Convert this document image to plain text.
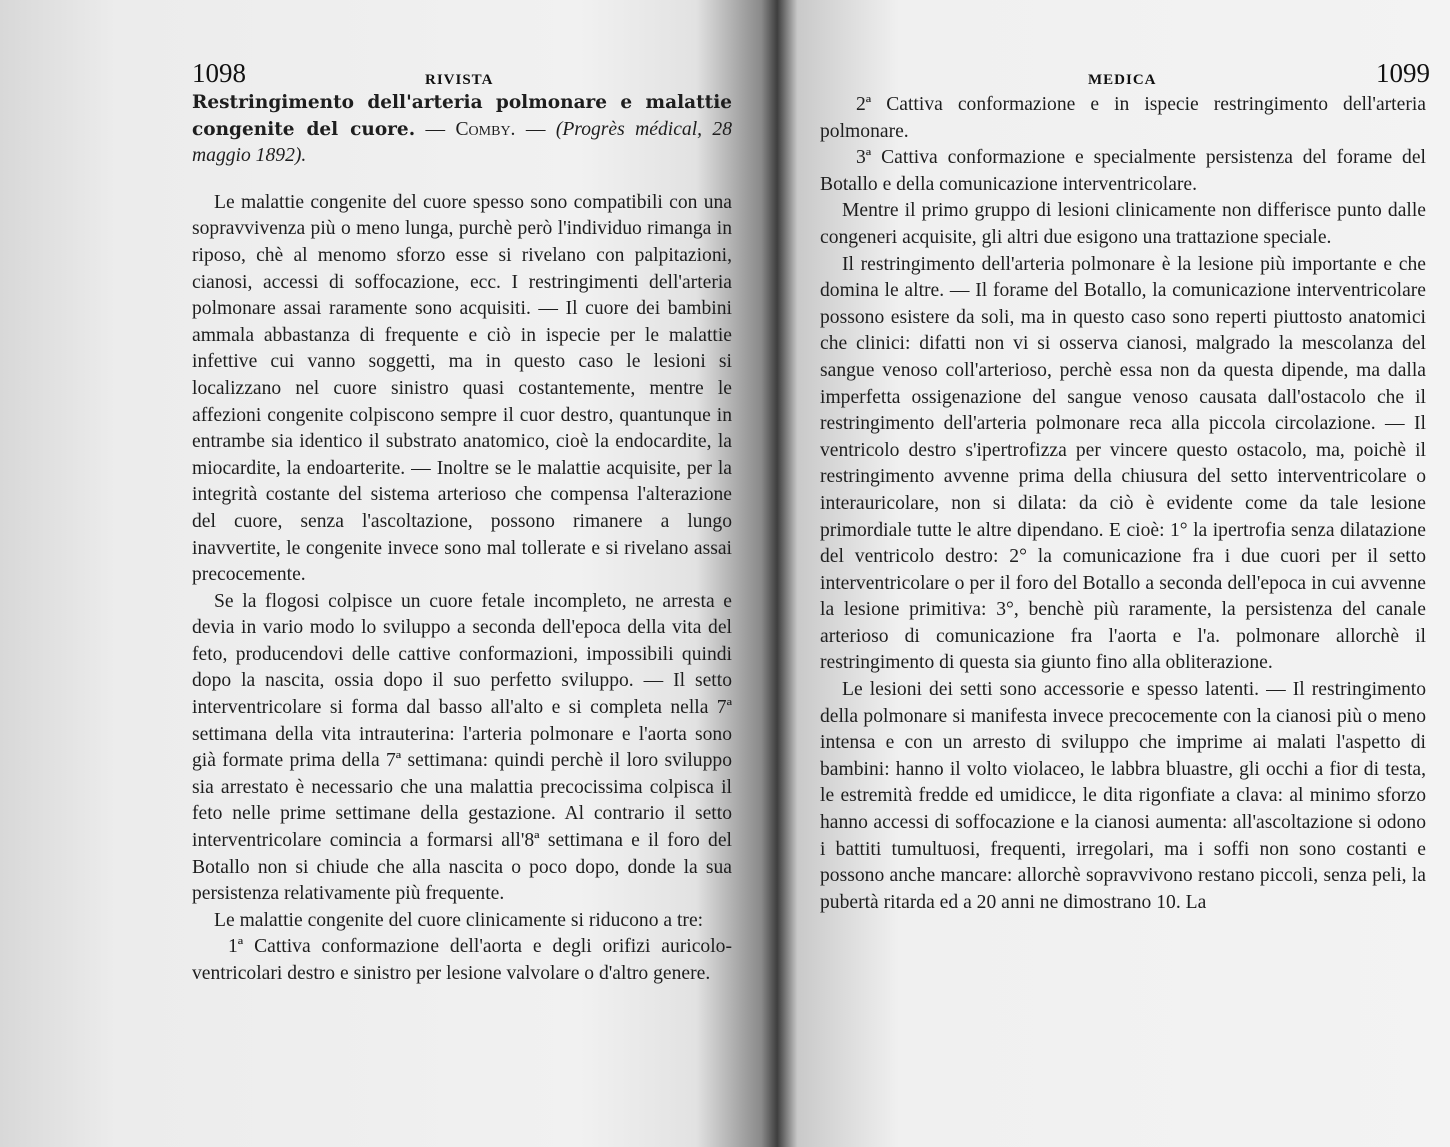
1098	RIVISTA
Restringimento dell'arteria polmonare e malattie congenite del cuore. — Comby. — (Progrès médical, 28 maggio 1892).

Le malattie congenite del cuore spesso sono compatibili con una sopravvivenza più o meno lunga, purchè però l'individuo rimanga in riposo, chè al menomo sforzo esse si rivelano con palpitazioni, cianosi, accessi di soffocazione, ecc. I restringimenti dell'arteria polmonare assai raramente sono acquisiti. — Il cuore dei bambini ammala abbastanza di frequente e ciò in ispecie per le malattie infettive cui vanno soggetti, ma in questo caso le lesioni si localizzano nel cuore sinistro quasi costantemente, mentre le affezioni congenite colpiscono sempre il cuor destro, quantunque in entrambe sia identico il substrato anatomico, cioè la endocardite, la miocardite, la endoarterite. — Inoltre se le malattie acquisite, per la integrità costante del sistema arterioso che compensa l'alterazione del cuore, senza l'ascoltazione, possono rimanere a lungo inavvertite, le congenite invece sono mal tollerate e si rivelano assai precocemente.

Se la flogosi colpisce un cuore fetale incompleto, ne arresta e devia in vario modo lo sviluppo a seconda dell'epoca della vita del feto, producendovi delle cattive conformazioni, impossibili quindi dopo la nascita, ossia dopo il suo perfetto sviluppo. — Il setto interventricolare si forma dal basso all'alto e si completa nella 7ª settimana della vita intrauterina: l'arteria polmonare e l'aorta sono già formate prima della 7ª settimana: quindi perchè il loro sviluppo sia arrestato è necessario che una malattia precocissima colpisca il feto nelle prime settimane della gestazione. Al contrario il setto interventricolare comincia a formarsi all'8ª settimana e il foro del Botallo non si chiude che alla nascita o poco dopo, donde la sua persistenza relativamente più frequente.

Le malattie congenite del cuore clinicamente si riducono a tre:

1ª Cattiva conformazione dell'aorta e degli orifizi auricolo-ventricolari destro e sinistro per lesione valvolare o d'altro genere.

MEDICA	1099

2ª Cattiva conformazione e in ispecie restringimento dell'arteria polmonare.

3ª Cattiva conformazione e specialmente persistenza del forame del Botallo e della comunicazione interventricolare.

Mentre il primo gruppo di lesioni clinicamente non differisce punto dalle congeneri acquisite, gli altri due esigono una trattazione speciale.

Il restringimento dell'arteria polmonare è la lesione più importante e che domina le altre. — Il forame del Botallo, la comunicazione interventricolare possono esistere da soli, ma in questo caso sono reperti piuttosto anatomici che clinici: difatti non vi si osserva cianosi, malgrado la mescolanza del sangue venoso coll'arterioso, perchè essa non da questa dipende, ma dalla imperfetta ossigenazione del sangue venoso causata dall'ostacolo che il restringimento dell'arteria polmonare reca alla piccola circolazione. — Il ventricolo destro s'ipertrofizza per vincere questo ostacolo, ma, poichè il restringimento avvenne prima della chiusura del setto interventricolare o interauricolare, non si dilata: da ciò è evidente come da tale lesione primordiale tutte le altre dipendano. E cioè: 1° la ipertrofia senza dilatazione del ventricolo destro: 2° la comunicazione fra i due cuori per il setto interventricolare o per il foro del Botallo a seconda dell'epoca in cui avvenne la lesione primitiva: 3°, benchè più raramente, la persistenza del canale arterioso di comunicazione fra l'aorta e l'a. polmonare allorchè il restringimento di questa sia giunto fino alla obliterazione.

Le lesioni dei setti sono accessorie e spesso latenti. — Il restringimento della polmonare si manifesta invece precocemente con la cianosi più o meno intensa e con un arresto di sviluppo che imprime ai malati l'aspetto di bambini: hanno il volto violaceo, le labbra bluastre, gli occhi a fior di testa, le estremità fredde ed umidicce, le dita rigonfiate a clava: al minimo sforzo hanno accessi di soffocazione e la cianosi aumenta: all'ascoltazione si odono i battiti tumultuosi, frequenti, irregolari, ma i soffi non sono costanti e possono anche mancare: allorchè sopravvivono restano piccoli, senza peli, la pubertà ritarda ed a 20 anni ne dimostrano 10. La
